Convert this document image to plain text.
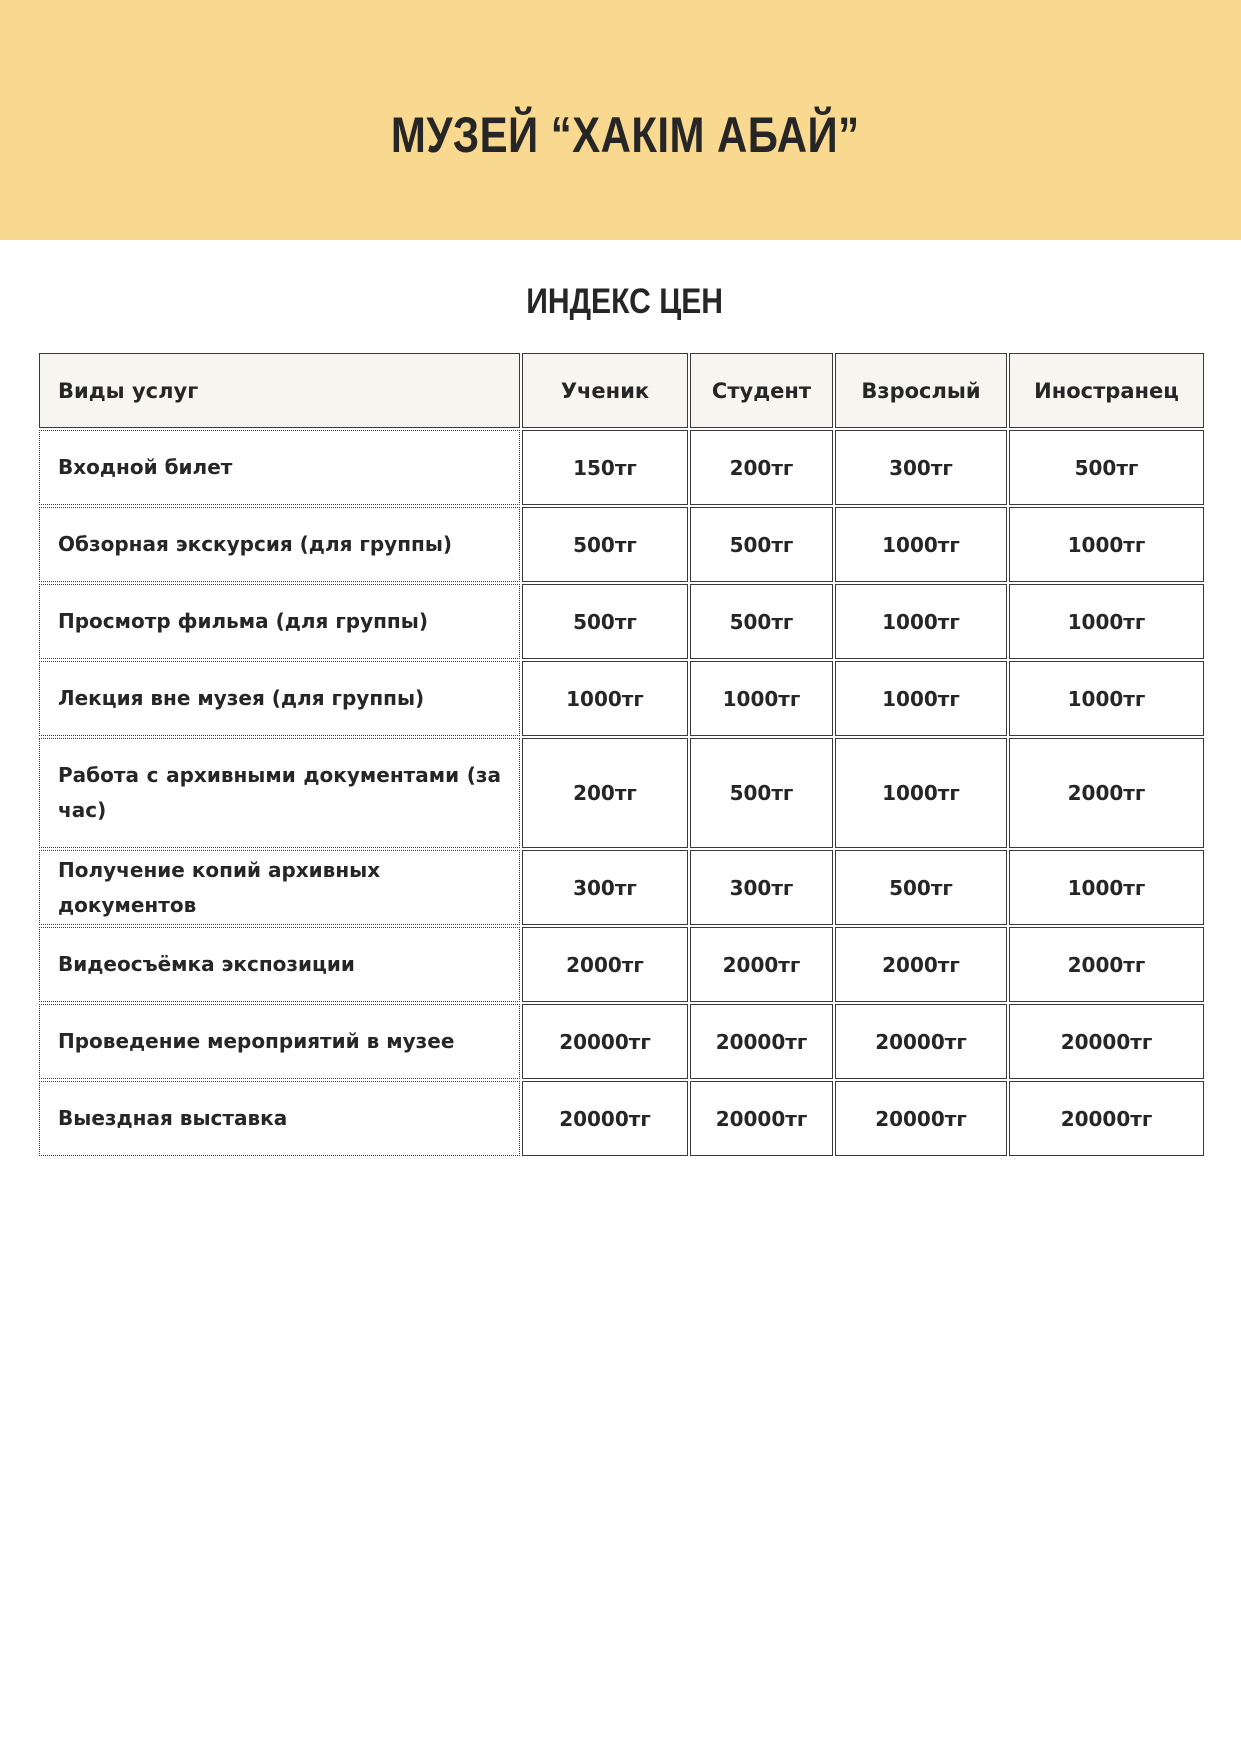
МУЗЕЙ “ХАКІМ АБАЙ”
ИНДЕКС ЦЕН
Виды услуг	Ученик	Студент	Взрослый	Иностранец
Входной билет	150тг	200тг	300тг	500тг
Обзорная экскурсия (для группы)	500тг	500тг	1000тг	1000тг
Просмотр фильма (для группы)	500тг	500тг	1000тг	1000тг
Лекция вне музея (для группы)	1000тг	1000тг	1000тг	1000тг
Работа с архивными документами (за час)	200тг	500тг	1000тг	2000тг
Получение копий архивных документов	300тг	300тг	500тг	1000тг
Видеосъёмка экспозиции	2000тг	2000тг	2000тг	2000тг
Проведение мероприятий в музее	20000тг	20000тг	20000тг	20000тг
Выездная выставка	20000тг	20000тг	20000тг	20000тг
